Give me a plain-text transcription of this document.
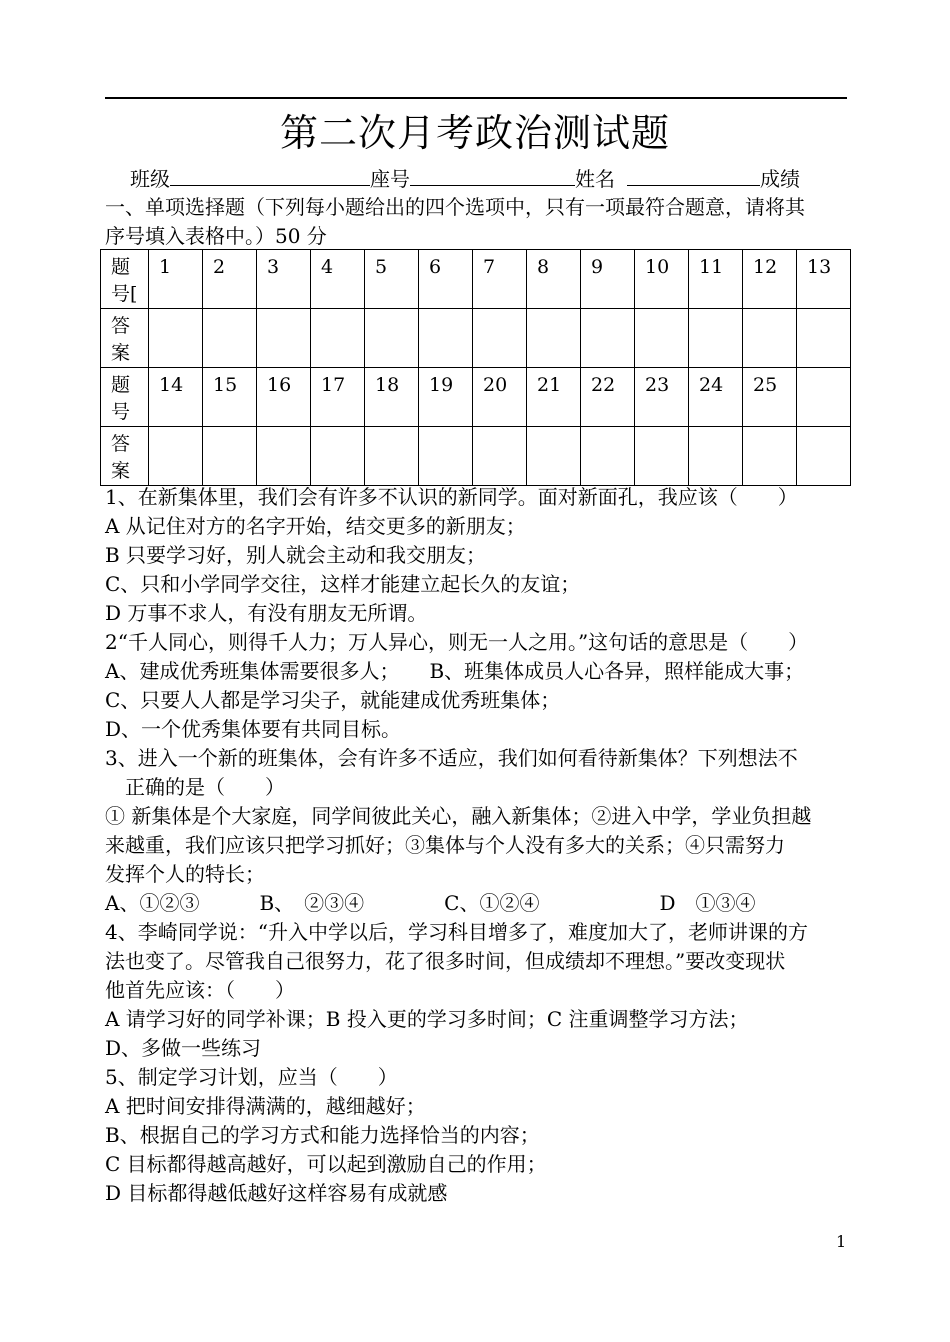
第二次月考政治测试题
班级	座号	姓名	成绩
一、单项选择题（下列每小题给出的四个选项中，只有一项最符合题意，请将其
序号填入表格中。）50 分
题
号[	1	2	3	4	5	6	7	8	9	10	11	12	13

答
案													

题
号	14	15	16	17	18	19	20	21	22	23	24	25	

答
案													

1、在新集体里，我们会有许多不认识的新同学。面对新面孔，我应该（　　）
A 从记住对方的名字开始，结交更多的新朋友；
B 只要学习好，别人就会主动和我交朋友；
C、只和小学同学交往，这样才能建立起长久的友谊；
D 万事不求人，有没有朋友无所谓。
2“千人同心，则得千人力；万人异心，则无一人之用。”这句话的意思是（　　）
A、建成优秀班集体需要很多人；　　B、班集体成员人心各异，照样能成大事；
C、只要人人都是学习尖子，就能建成优秀班集体；
D、一个优秀集体要有共同目标。
3、进入一个新的班集体，会有许多不适应，我们如何看待新集体？下列想法不
　正确的是（　　）
① 新集体是个大家庭，同学间彼此关心，融入新集体；②进入中学，学业负担越
来越重，我们应该只把学习抓好；③集体与个人没有多大的关系；④只需努力
发挥个人的特长；
A、①②③　　　B、　②③④　　　　C、①②④　　　　　　D　①③④
4、李崎同学说：“升入中学以后，学习科目增多了，难度加大了，老师讲课的方
法也变了。尽管我自己很努力，花了很多时间，但成绩却不理想。”要改变现状
他首先应该：（　　）
A 请学习好的同学补课；B 投入更的学习多时间；C 注重调整学习方法；
D、多做一些练习
5、制定学习计划，应当（　　）
A 把时间安排得满满的，越细越好；
B、根据自己的学习方式和能力选择恰当的内容；
C 目标都得越高越好，可以起到激励自己的作用；
D 目标都得越低越好这样容易有成就感
1
